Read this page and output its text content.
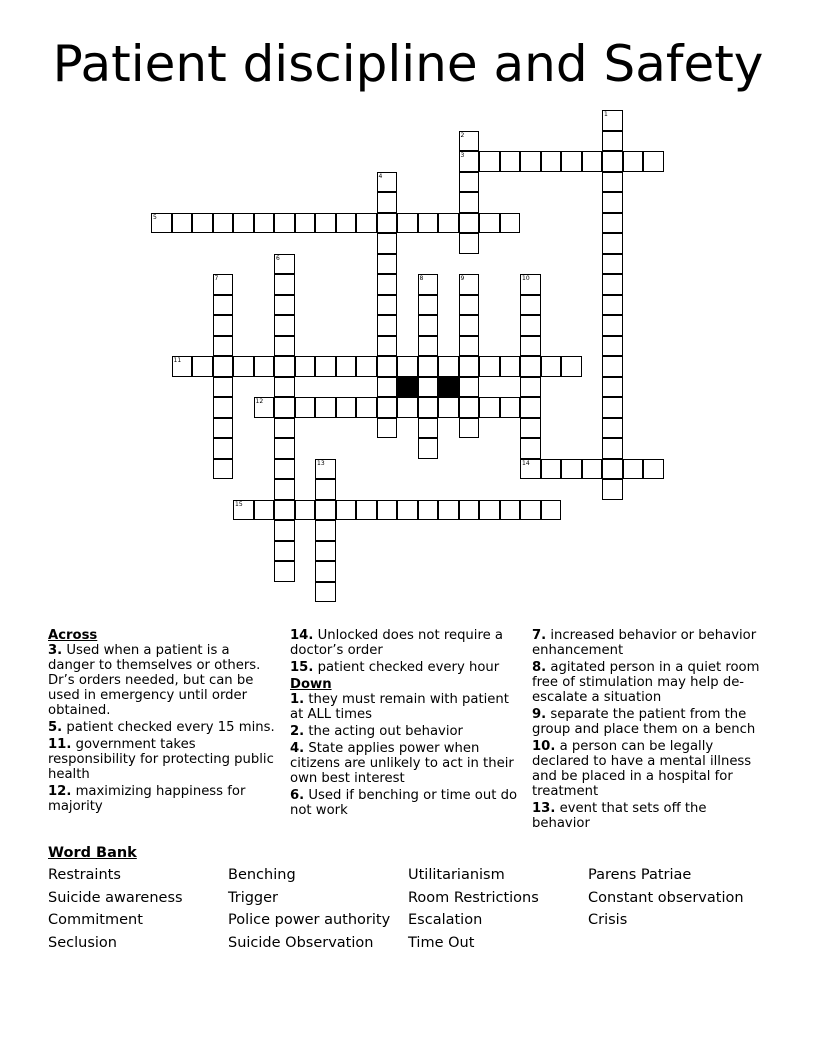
Patient discipline and Safety
1
2
3
4
5
6
7	8	9	10
14
11
12
13
15

Across

3. Used when a patient is a danger to themselves or others. Dr’s orders needed, but can be used in emergency until order obtained.

5. patient checked every 15 mins.

11. government takes responsibility for protecting public health

12. maximizing happiness for majority

14. Unlocked does not require a doctor’s order

15. patient checked every hour

Down

1. they must remain with patient at ALL times

2. the acting out behavior

4. State applies power when citizens are unlikely to act in their own best interest

6. Used if benching or time out do not work

7. increased behavior or behavior enhancement

8. agitated person in a quiet room free of stimulation may help de-escalate a situation

9. separate the patient from the group and place them on a bench

10. a person can be legally declared to have a mental illness and be placed in a hospital for treatment

13. event that sets off the behavior

Word Bank
Restraints	Benching	Utilitarianism	Parens Patriae
Suicide awareness	Trigger	Room Restrictions	Constant observation
Commitment	Police power authority	Escalation	Crisis
Seclusion	Suicide Observation	Time Out
